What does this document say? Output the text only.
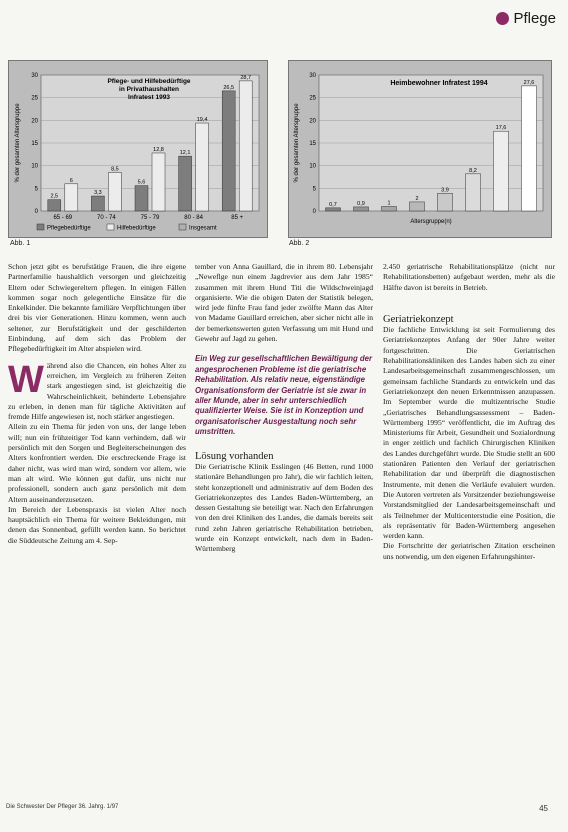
Pflege
0
5
10
15
20
25
30
2,5
6
65 - 69
3,3
8,5
70 - 74
5,6
12,8
75 - 79
12,1
19,4
80 - 84
26,5
28,7
85 +
Pflege- und Hilfebedürftige
in Privathaushalten
Infratest 1993
% der gesamten Altersgruppe
Pflegebedürftige	Hilfebedürftige	Insgesamt
Abb. 1
0
5
10
15
20
25
30
0,7	0,9	1
2
3,9
8,2
17,6
27,6
Heimbewohner Infratest 1994
% der gesamten Altersgruppe
Altersgruppe(n)
Abb. 2

Schon jetzt gibt es berufstätige Frauen, die ihre eigene Partnerfamilie haushaltlich versorgen und gleichzeitig Eltern oder Schwiegereltern pflegen. In einigen Fällen kommen sogar noch gelegentliche Einsätze für die Enkelkinder. Die bekannte familiäre Verpflichtungen über drei bis vier Generationen. Hinzu kommen, wenn auch seltener, zur Berufstätigkeit und der geschilderten Einbindung, auf dem sich das Problem der Pflegebedürftigkeit im Alter abspielen wird.

Während also die Chancen, ein hohes Alter zu erreichen, im Vergleich zu früheren Zeiten stark angestiegen sind, ist gleichzeitig die Wahrscheinlichkeit, behinderte Lebensjahre zu erleben, in denen man für tägliche Aktivitäten auf fremde Hilfe angewiesen ist, noch stärker angestiegen.

Allein zu ein Thema für jeden von uns, der lange leben will; nun ein frühzeitiger Tod kann verhindern, daß wir persönlich mit den Sorgen und Begleiterscheinungen des Alters konfrontiert werden. Die erschreckende Frage ist daher nicht, was wird man wird, sondern vor allem, wie man alt wird. Wie können gut dafür, uns nicht nur professionell, sondern auch ganz persönlich mit dem Altern auseinanderzusetzen.

Im Bereich der Lebenspraxis ist vielen Alter noch hauptsächlich ein Thema für weitere Bekleidungen, mit denen das Sonnenbad, gefüllt werden kann. So berichtet die Süddeutsche Zeitung am 4. Sep-

tember von Anna Gauillard, die in ihrem 80. Lebensjahr „Neweflge nun einem Jagdrevier aus dem Jahr 1985“ zusammen mit ihrem Hund Titi die Wildschweinjagd organisierte. Wie die obigen Daten der Statistik belegen, wird jede fünfte Frau fand jeder zwölfte Mann das Alter von Madame Gauillard erreichen, aber sicher nicht alle in der bemerkenswerten guten Verfassung um mit Hund und Gewehr auf Jagd zu gehen.

Ein Weg zur gesellschaftlichen Bewältigung der angesprochenen Probleme ist die geriatrische Rehabilitation. Als relativ neue, eigenständige Organisationsform der Geriatrie ist sie zwar in aller Munde, aber in sehr unterschiedlich qualifizierter Weise. Sie ist in Konzeption und organisatorischer Ausgestaltung noch sehr umstritten.

Lösung vorhanden

Die Geriatrische Klinik Esslingen (46 Betten, rund 1000 stationäre Behandlungen pro Jahr), die wir fachlich leiten, steht konzeptionell und administrativ auf dem Boden des Geriatriekonzeptes des Landes Baden-Württemberg, an dessen Gestaltung sie beteiligt war. Nach den Erfahrungen von den drei Kliniken des Landes, die damals bereits seit rund zehn Jahren geriatrische Rehabilitation betrieben, wurde ein Konzept entwickelt, nach dem in Baden-Württemberg

2.450 geriatrische Rehabilitationsplätze (nicht nur Rehabilitationsbetten) aufgebaut werden, mehr als die Hälfte davon ist bereits in Betrieb.

Geriatriekonzept

Die fachliche Entwicklung ist seit Formulierung des Geriatriekonzeptes Anfang der 90er Jahre weiter fortgeschritten. Die Geriatrischen Rehabilitationskliniken des Landes haben sich zu einer Landesarbeitsgemeinschaft zusammengeschlossen, um gemeinsam fachliche Standards zu entwickeln und das Geriatriekonzept den neuen Erkenntnissen anzupassen. Im September wurde die multizentrische Studie „Geriatrisches Behandlungsassessment – Baden-Württemberg 1995“ veröffentlicht, die im Auftrag des Ministeriums für Arbeit, Gesundheit und Sozialordnung in enger zeitlich und fachlich Chirurgischen Kliniken des Landes durchgeführt wurde. Die Studie stellt an 600 stationären Patienten den Verlauf der geriatrischen Rehabilitation dar und überprüft die diagnostischen Instrumente, mit denen die Verläufe evaluiert wurden. Die Autoren vertreten als Vorsitzender beziehungsweise Vorstandsmitglied der Landesarbeitsgemeinschaft und als Teilnehmer der Multicenterstudie eine Position, die als repräsentativ für Baden-Württemberg angesehen werden kann.

Die Fortschritte der geriatrischen Zitation erscheinen uns notwendig, um den eigenen Erfahrungshinter-

Die Schwester Der Pfleger 36. Jahrg. 1/97	45
